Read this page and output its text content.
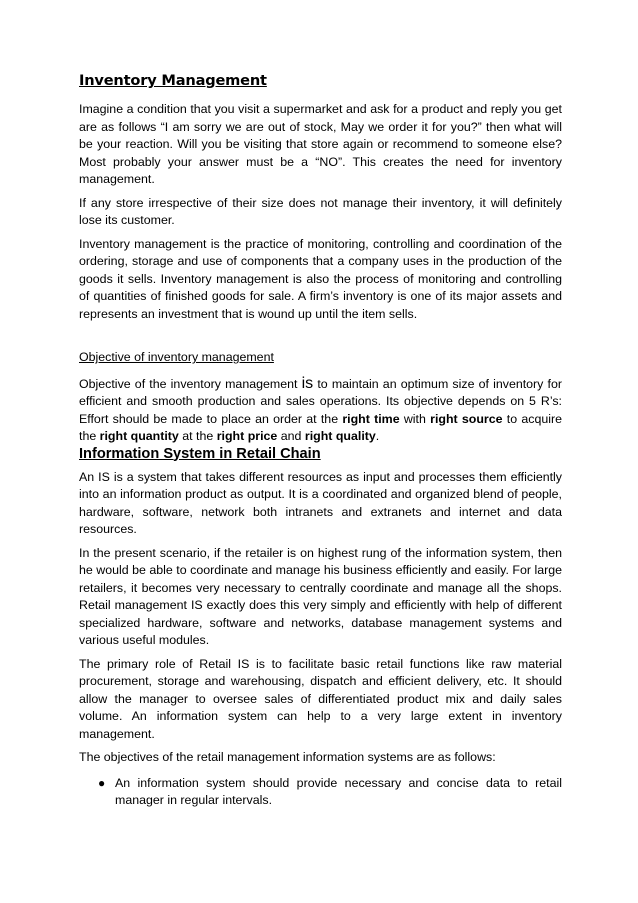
Inventory Management

Imagine a condition that you visit a supermarket and ask for a product and reply you get are as follows “I am sorry we are out of stock, May we order it for you?” then what will be your reaction. Will you be visiting that store again or recommend to someone else? Most probably your answer must be a “NO”. This creates the need for inventory management.

If any store irrespective of their size does not manage their inventory, it will definitely lose its customer.

Inventory management is the practice of monitoring, controlling and coordination of the ordering, storage and use of components that a company uses in the production of the goods it sells. Inventory management is also the process of monitoring and controlling of quantities of finished goods for sale. A firm’s inventory is one of its major assets and represents an investment that is wound up until the item sells.

Objective of inventory management

Objective of the inventory management is to maintain an optimum size of inventory for efficient and smooth production and sales operations. Its objective depends on 5 R’s: Effort should be made to place an order at the right time with right source to acquire the right quantity at the right price and right quality.

Information System in Retail Chain

An IS is a system that takes different resources as input and processes them efficiently into an information product as output. It is a coordinated and organized blend of people, hardware, software, network both intranets and extranets and internet and data resources.

In the present scenario, if the retailer is on highest rung of the information system, then he would be able to coordinate and manage his business efficiently and easily. For large retailers, it becomes very necessary to centrally coordinate and manage all the shops. Retail management IS exactly does this very simply and efficiently with help of different specialized hardware, software and networks, database management systems and various useful modules.

The primary role of Retail IS is to facilitate basic retail functions like raw material procurement, storage and warehousing, dispatch and efficient delivery, etc. It should allow the manager to oversee sales of differentiated product mix and daily sales volume. An information system can help to a very large extent in inventory management.

The objectives of the retail management information systems are as follows:

● An information system should provide necessary and concise data to retail manager in regular intervals.
